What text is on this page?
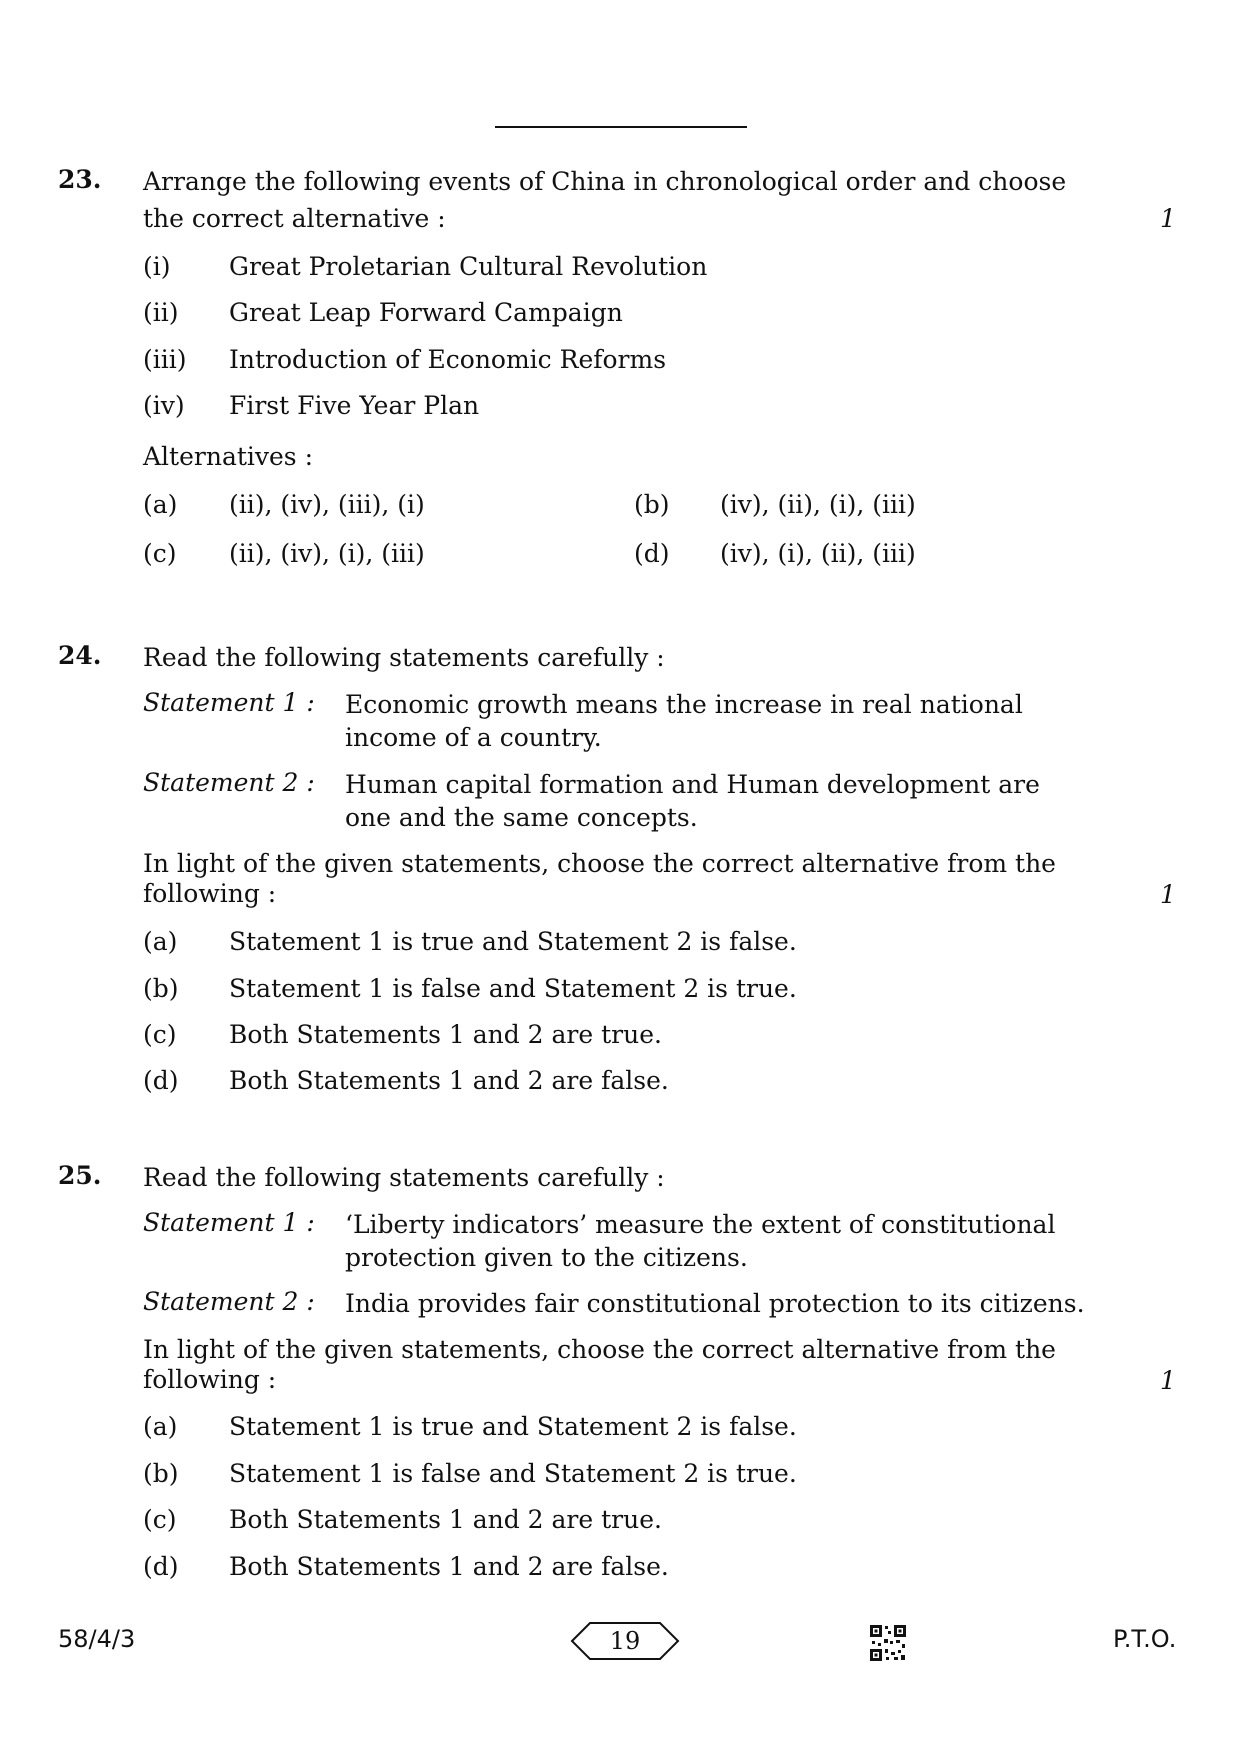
23. Arrange the following events of China in chronological order and choose
the correct alternative :	1
(i) Great Proletarian Cultural Revolution
(ii) Great Leap Forward Campaign
(iii) Introduction of Economic Reforms
(iv) First Five Year Plan
Alternatives :
(a) (ii), (iv), (iii), (i)	(b) (iv), (ii), (i), (iii)
(c) (ii), (iv), (i), (iii)	(d) (iv), (i), (ii), (iii)
24. Read the following statements carefully :
Statement 1 : Economic growth means the increase in real national
income of a country.
Statement 2 : Human capital formation and Human development are
one and the same concepts.
In light of the given statements, choose the correct alternative from the
following :	1
(a) Statement 1 is true and Statement 2 is false.
(b) Statement 1 is false and Statement 2 is true.
(c) Both Statements 1 and 2 are true.
(d) Both Statements 1 and 2 are false.
25. Read the following statements carefully :
Statement 1 : ‘Liberty indicators’ measure the extent of constitutional
protection given to the citizens.
Statement 2 : India provides fair constitutional protection to its citizens.
In light of the given statements, choose the correct alternative from the
following :	1
(a) Statement 1 is true and Statement 2 is false.
(b) Statement 1 is false and Statement 2 is true.
(c) Both Statements 1 and 2 are true.
(d) Both Statements 1 and 2 are false.
58/4/3	19	P.T.O.
